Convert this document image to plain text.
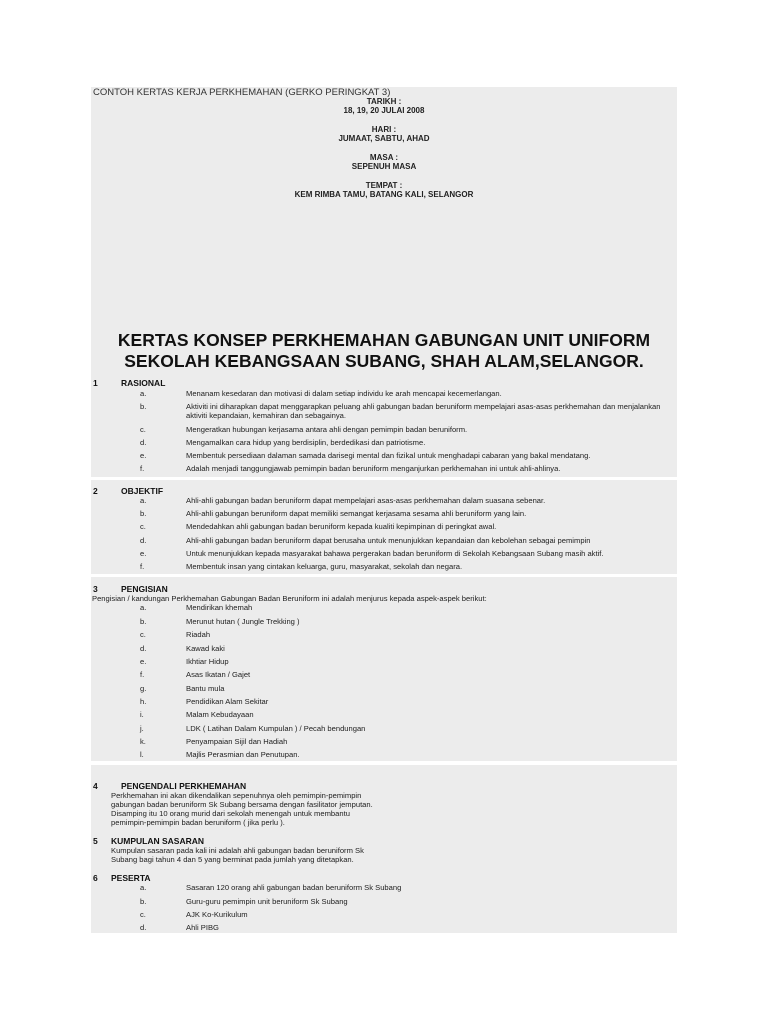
TARIKH :
18, 19, 20 JULAI 2008
HARI :
JUMAAT, SABTU, AHAD
MASA :
SEPENUH MASA
TEMPAT :
KEM RIMBA TAMU, BATANG KALI, SELANGOR
KERTAS KONSEP PERKHEMAHAN GABUNGAN UNIT UNIFORM
SEKOLAH KEBANGSAAN SUBANG, SHAH ALAM,SELANGOR.
CONTOH KERTAS KERJA PERKHEMAHAN (GERKO PERINGKAT 3)
1	RASIONAL
a.	Menanam kesedaran dan motivasi di dalam setiap individu ke arah mencapai kecemerlangan.
b.	Aktiviti ini diharapkan dapat menggarapkan peluang ahli gabungan badan beruniform mempelajari asas-asas perkhemahan dan menjalankan aktiviti kepandaian, kemahiran dan sebagainya.
c.	Mengeratkan hubungan kerjasama antara ahli dengan pemimpin badan beruniform.
d.	Mengamalkan cara hidup yang berdisiplin, berdedikasi dan patriotisme.
e.	Membentuk persediaan dalaman samada darisegi mental dan fizikal untuk menghadapi cabaran yang bakal mendatang.
f.	Adalah menjadi tanggungjawab pemimpin badan beruniform menganjurkan perkhemahan ini untuk ahli-ahlinya.
2	OBJEKTIF
a.	Ahli-ahli gabungan badan beruniform dapat mempelajari asas-asas perkhemahan dalam suasana sebenar.
b.	Ahli-ahli gabungan beruniform dapat memiliki semangat kerjasama sesama ahli beruniform yang lain.
c.	Mendedahkan ahli gabungan badan beruniform kepada kualiti kepimpinan di peringkat awal.
d.	Ahli-ahli gabungan badan beruniform dapat berusaha untuk menunjukkan kepandaian dan kebolehan sebagai pemimpin
e.	Untuk menunjukkan kepada masyarakat bahawa pergerakan badan beruniform di Sekolah Kebangsaan Subang masih aktif.
f.	Membentuk insan yang cintakan keluarga, guru, masyarakat, sekolah dan negara.
3	PENGISIAN
Pengisian / kandungan Perkhemahan Gabungan Badan Beruniform ini adalah menjurus kepada aspek-aspek berikut:
a.	Mendirikan khemah
b.	Merunut hutan ( Jungle Trekking )
c.	Riadah
d.	Kawad kaki
e.	Ikhtiar Hidup
f.	Asas Ikatan / Gajet
g.	Bantu mula
h.	Pendidikan Alam Sekitar
i.	Malam Kebudayaan
j.	LDK ( Latihan Dalam Kumpulan ) / Pecah bendungan
k.	Penyampaian Sijil dan Hadiah
l.	Majlis Perasmian dan Penutupan.
4	PENGENDALI PERKHEMAHAN
Perkhemahan ini akan dikendalikan sepenuhnya oleh pemimpin-pemimpin
gabungan badan beruniform Sk Subang bersama dengan fasilitator jemputan.
Disamping itu 10 orang murid dari sekolah menengah untuk membantu
pemimpin-pemimpin badan beruniform ( jika perlu ).
5 KUMPULAN SASARAN
Kumpulan sasaran pada kali ini adalah ahli gabungan badan beruniform Sk
Subang bagi tahun 4 dan 5 yang berminat pada jumlah yang ditetapkan.
6 PESERTA
a.	Sasaran 120 orang ahli gabungan badan beruniform Sk Subang
b.	Guru-guru pemimpin unit beruniform Sk Subang
c.	AJK Ko-Kurikulum
d.	Ahli PIBG
